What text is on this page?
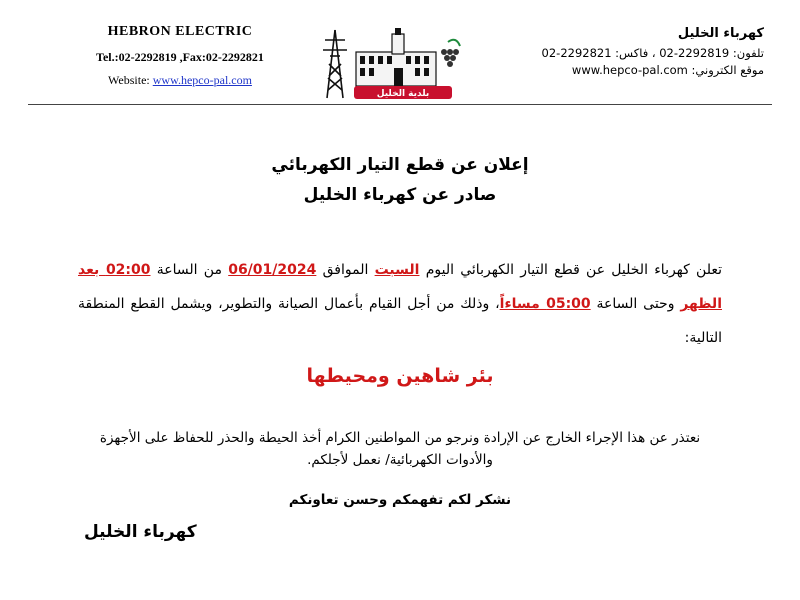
HEBRON ELECTRIC
Tel.:02-2292819 ,Fax:02-2292821
Website: www.hepco-pal.com
بلدية الخليل
كهرباء الخليل
تلفون: 2292819-02 ، فاكس: 2292821-02
موقع الكتروني: www.hepco-pal.com
إعلان عن قطع التيار الكهربائي
صادر عن كهرباء الخليل
تعلن كهرباء الخليل عن قطع التيار الكهربائي اليوم السبت الموافق 06/01/2024 من الساعة 02:00 بعد الظهر وحتى الساعة 05:00 مساءاً، وذلك من أجل القيام بأعمال الصيانة والتطوير، ويشمل القطع المنطقة التالية:
بئر شاهين ومحيطها
نعتذر عن هذا الإجراء الخارج عن الإرادة ونرجو من المواطنين الكرام أخذ الحيطة والحذر للحفاظ على الأجهزة والأدوات الكهربائية/ نعمل لأجلكم.
نشكر لكم تفهمكم وحسن تعاونكم
كهرباء الخليل
